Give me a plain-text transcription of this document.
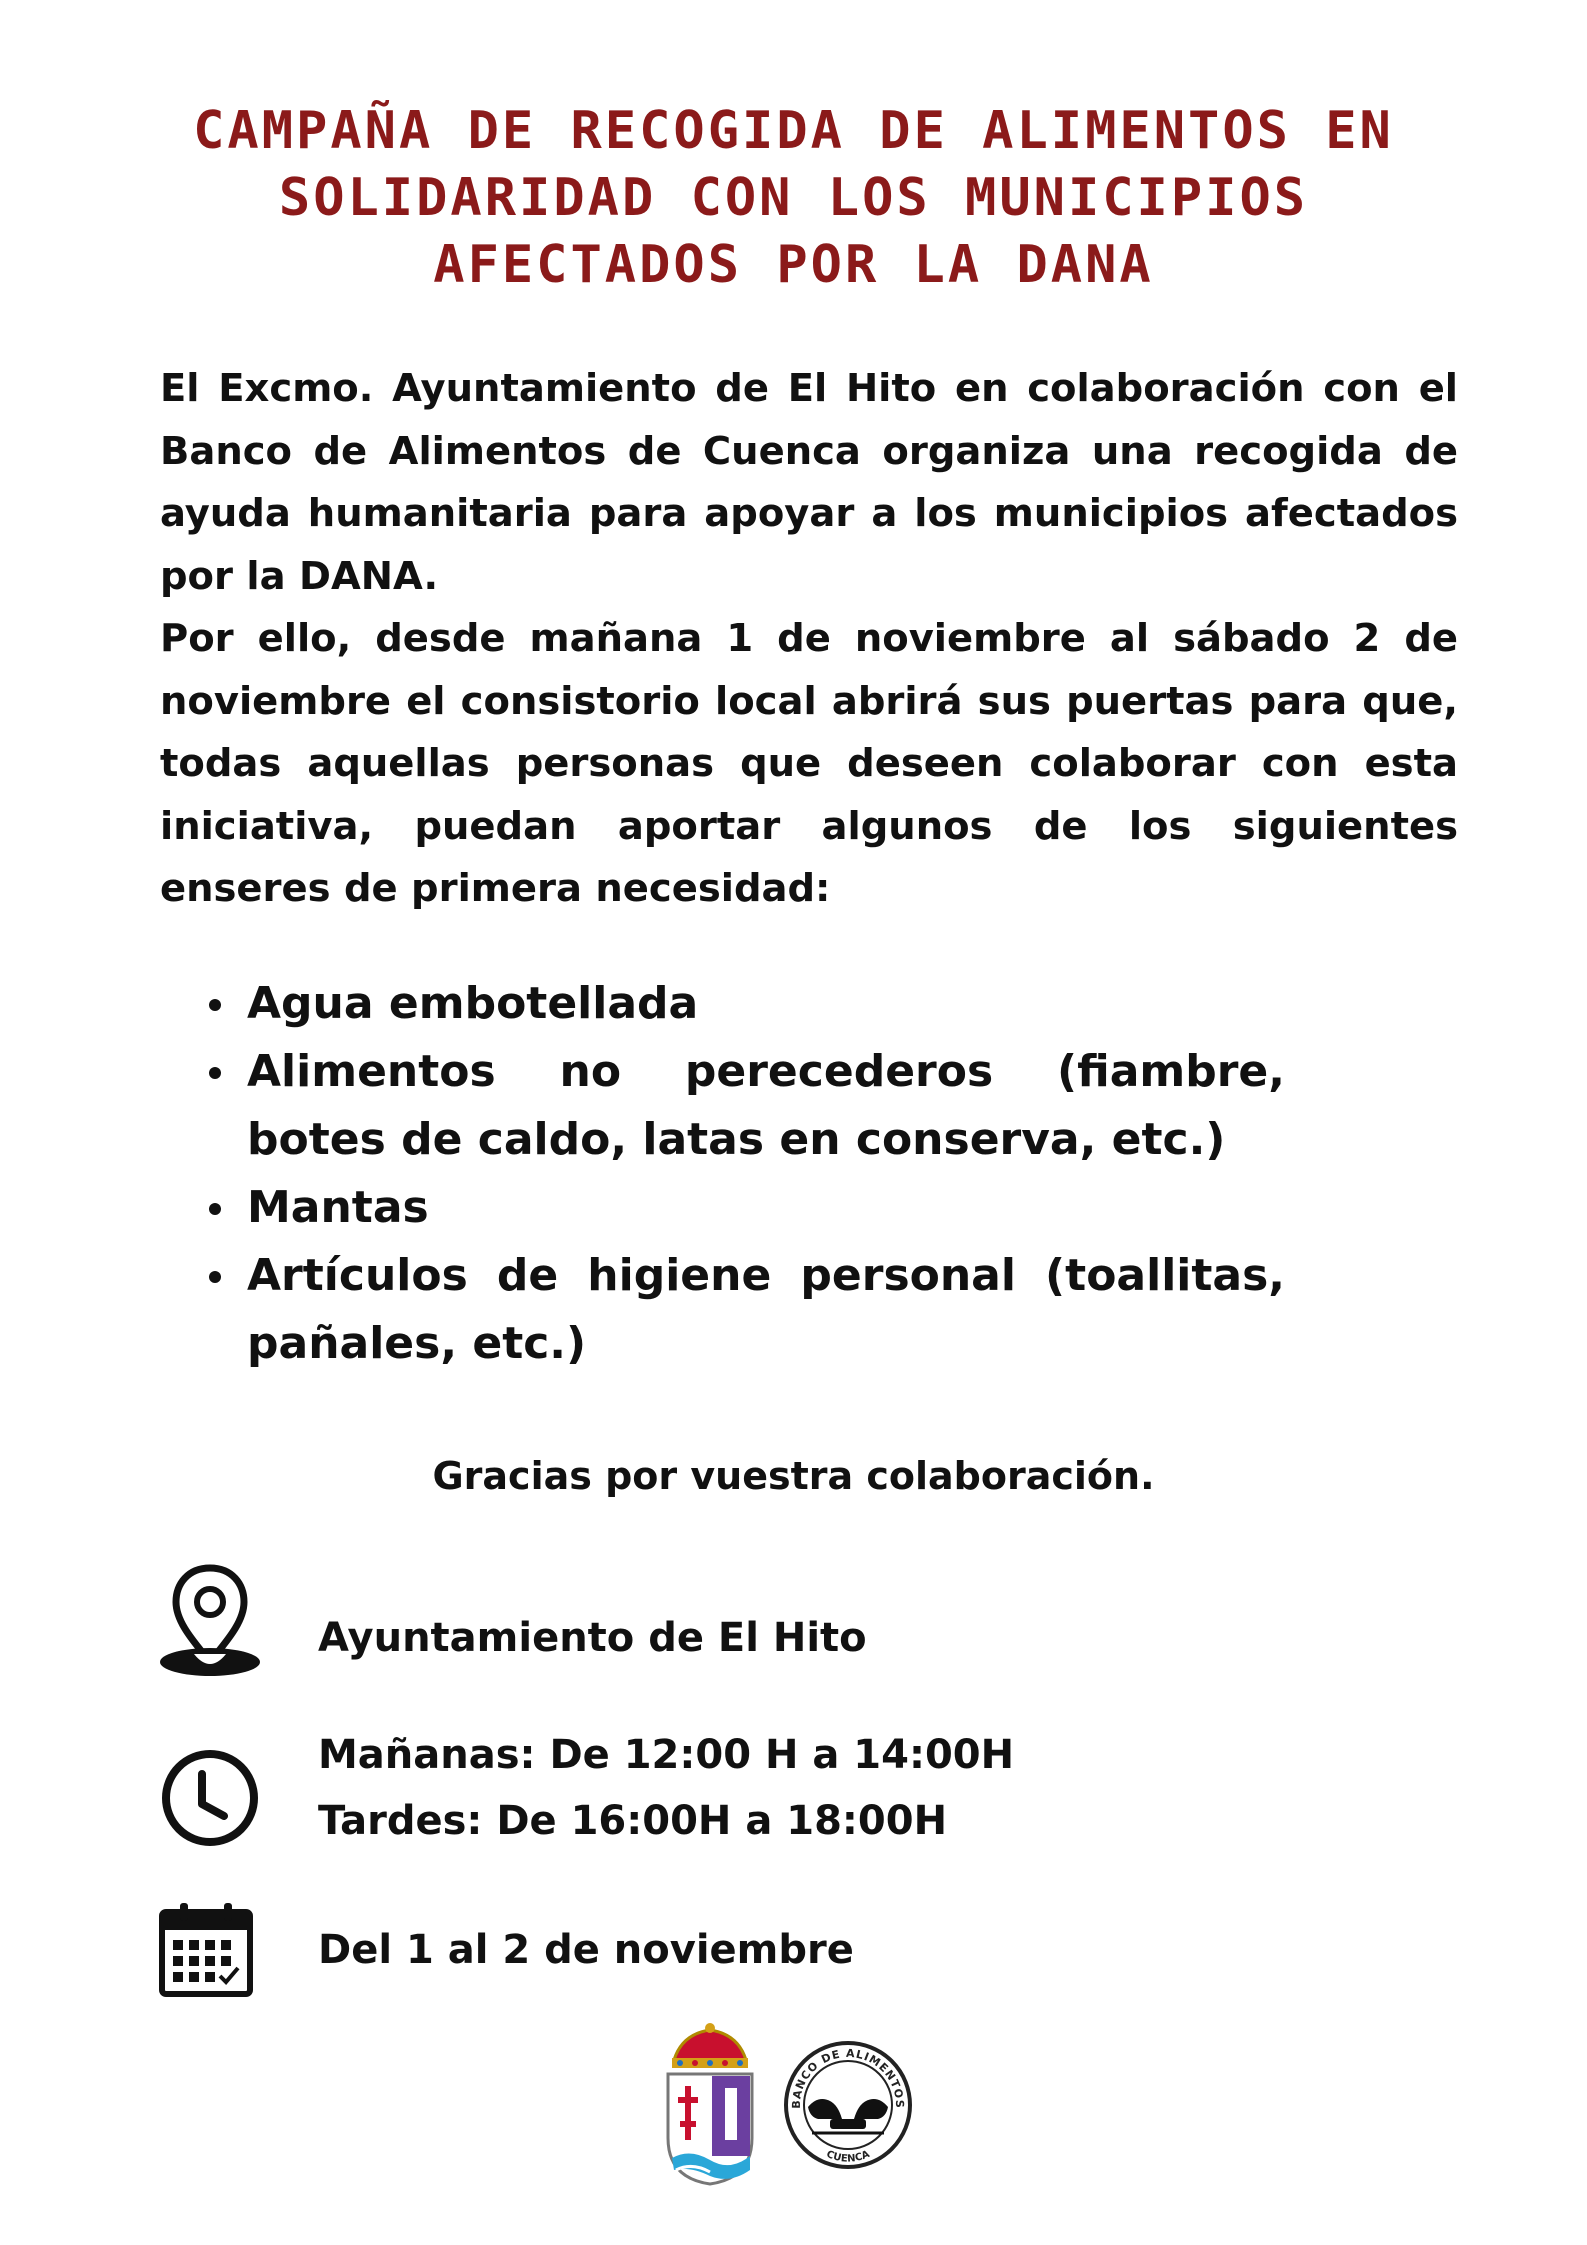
CAMPAÑA DE RECOGIDA DE ALIMENTOS EN
SOLIDARIDAD CON LOS MUNICIPIOS
AFECTADOS POR LA DANA

El Excmo. Ayuntamiento de El Hito en colaboración con el Banco de Alimentos de Cuenca organiza una recogida de ayuda humanitaria para apoyar a los municipios afectados por la DANA.

Por ello, desde mañana 1 de noviembre al sábado 2 de noviembre el consistorio local abrirá sus puertas para que, todas aquellas personas que deseen colaborar con esta iniciativa, puedan aportar algunos de los siguientes enseres de primera necesidad:

Agua embotellada
Alimentos no perecederos (fiambre, botes de caldo, latas en conserva, etc.)
Mantas
Artículos de higiene personal (toallitas, pañales, etc.)
Gracias por vuestra colaboración.
Ayuntamiento de El Hito
Mañanas: De 12:00 H a 14:00H
Tardes: De 16:00H a 18:00H
Del 1 al 2 de noviembre
BANCO DE ALIMENTOS
CUENCA
